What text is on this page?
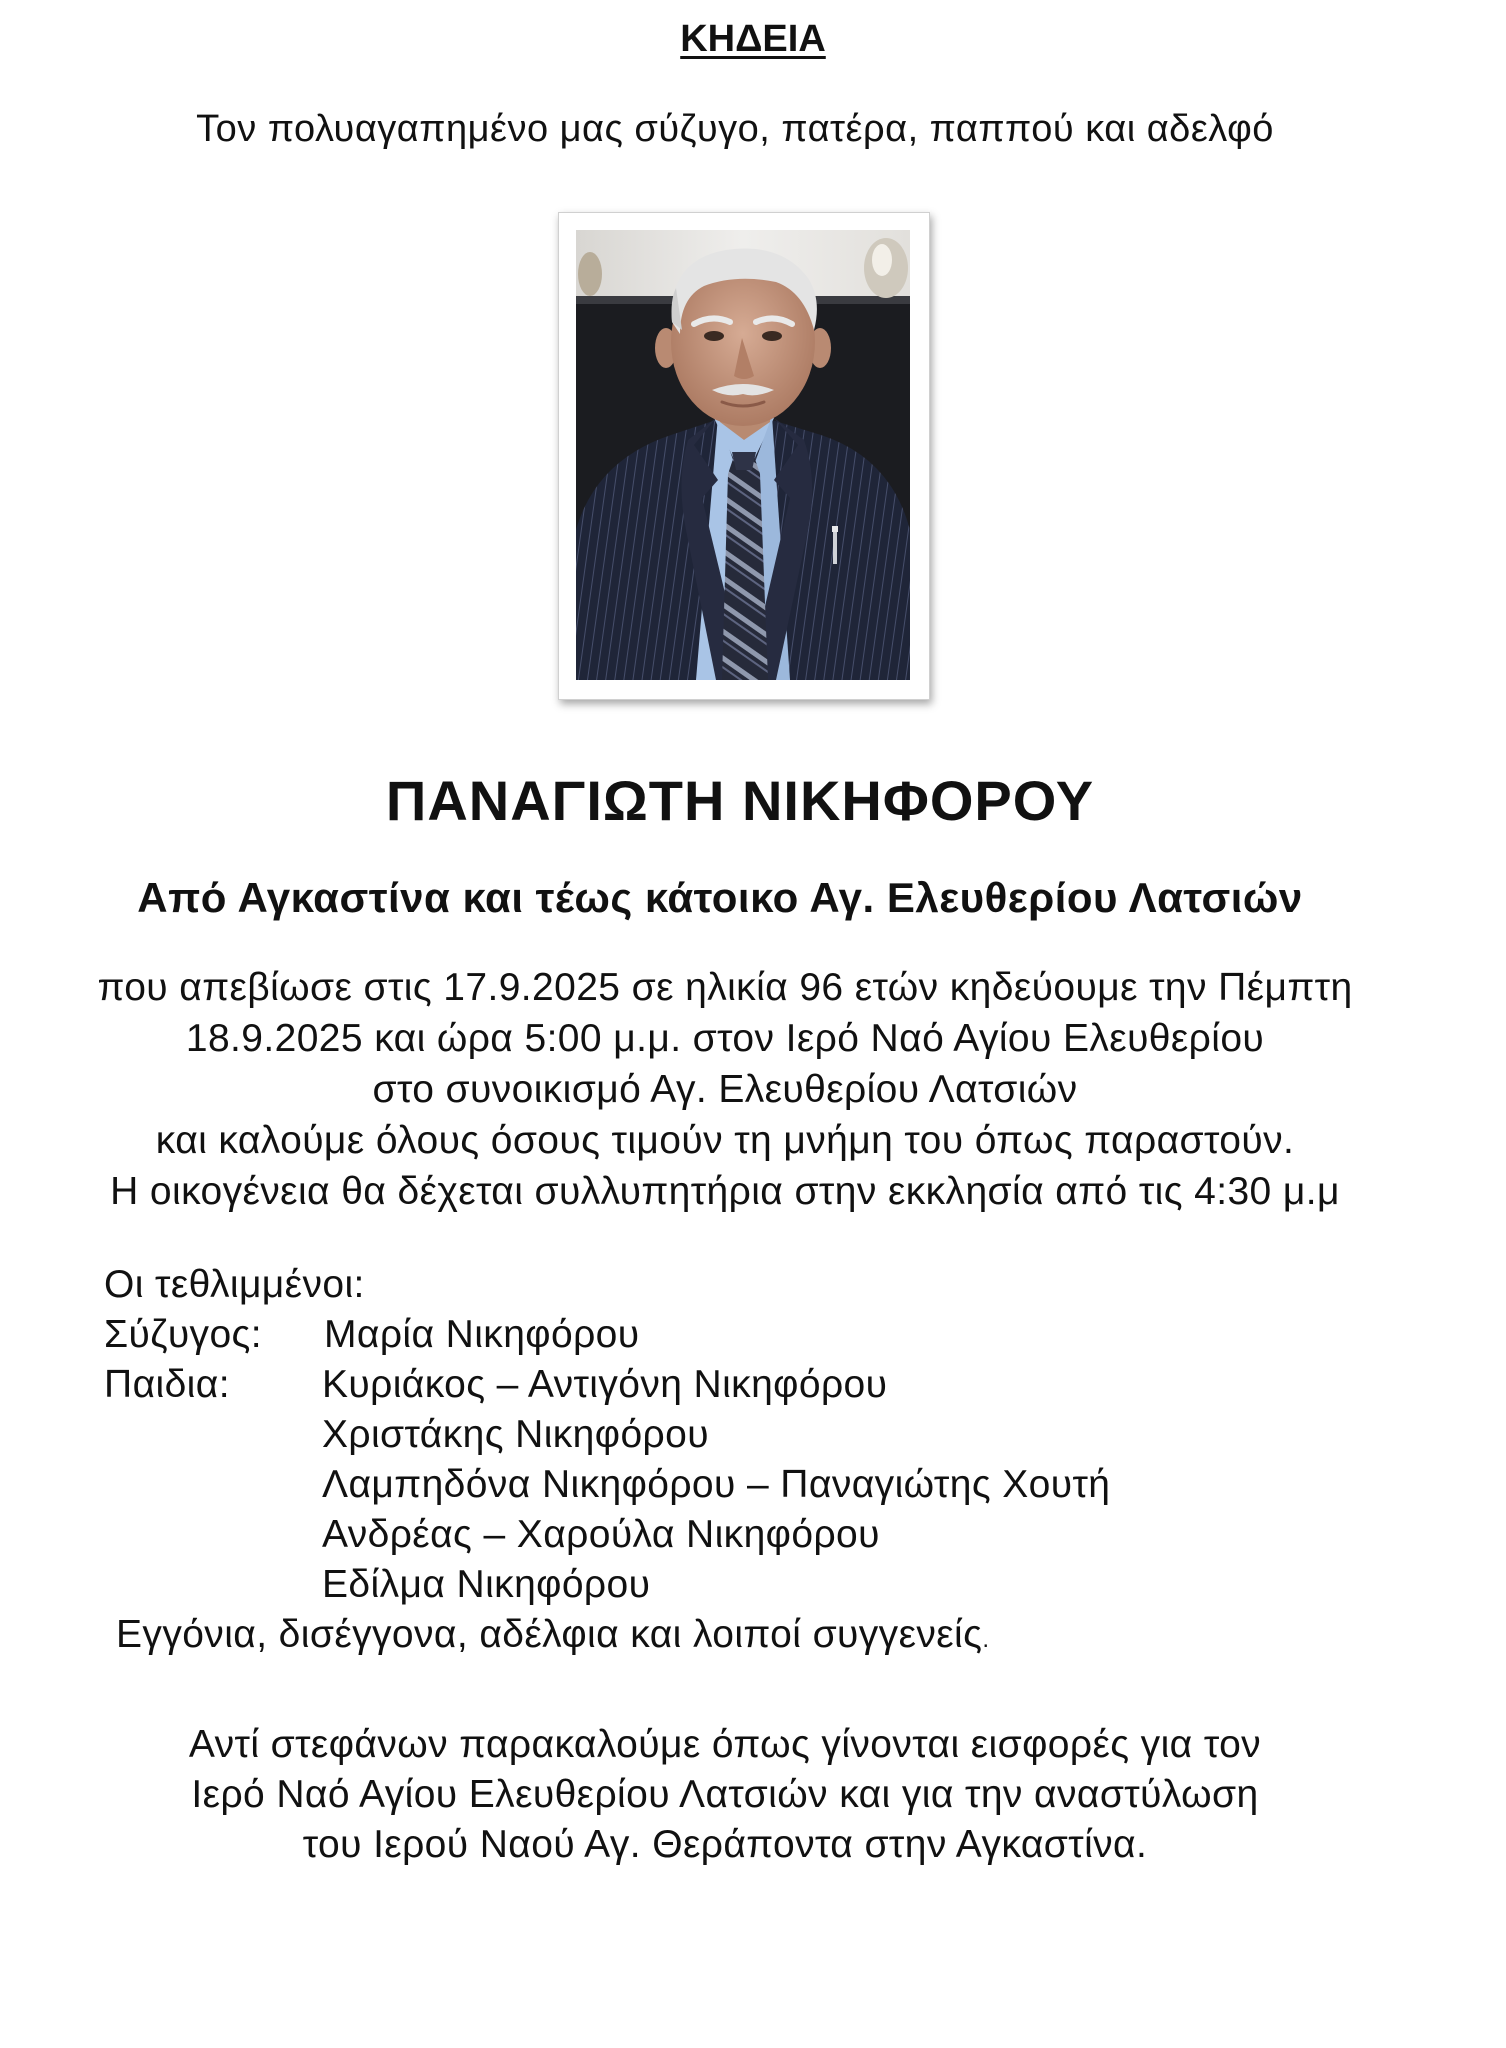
ΚΗΔΕΙΑ
Τον πολυαγαπημένο μας σύζυγο, πατέρα, παππού και αδελφό
ΠΑΝΑΓΙΩΤΗ ΝΙΚΗΦΟΡΟΥ
Από Αγκαστίνα και τέως κάτοικο Αγ. Ελευθερίου Λατσιών
που απεβίωσε στις 17.9.2025 σε ηλικία 96 ετών κηδεύουμε την Πέμπτη
18.9.2025 και ώρα 5:00 μ.μ. στον Ιερό Ναό Αγίου Ελευθερίου
στο συνοικισμό Αγ. Ελευθερίου Λατσιών
και καλούμε όλους όσους τιμούν τη μνήμη του όπως παραστούν.
Η οικογένεια θα δέχεται συλλυπητήρια στην εκκλησία από τις 4:30 μ.μ
Οι τεθλιμμένοι:
Σύζυγος: Μαρία Νικηφόρου
Παιδια: Κυριάκος – Αντιγόνη Νικηφόρου
Χριστάκης Νικηφόρου
Λαμπηδόνα Νικηφόρου – Παναγιώτης Χουτή
Ανδρέας – Χαρούλα Νικηφόρου
Εδίλμα Νικηφόρου
Εγγόνια, δισέγγονα, αδέλφια και λοιποί συγγενείς.
Αντί στεφάνων παρακαλούμε όπως γίνονται εισφορές για τον
Ιερό Ναό Αγίου Ελευθερίου Λατσιών και για την αναστύλωση
του Ιερού Ναού Αγ. Θεράποντα στην Αγκαστίνα.
